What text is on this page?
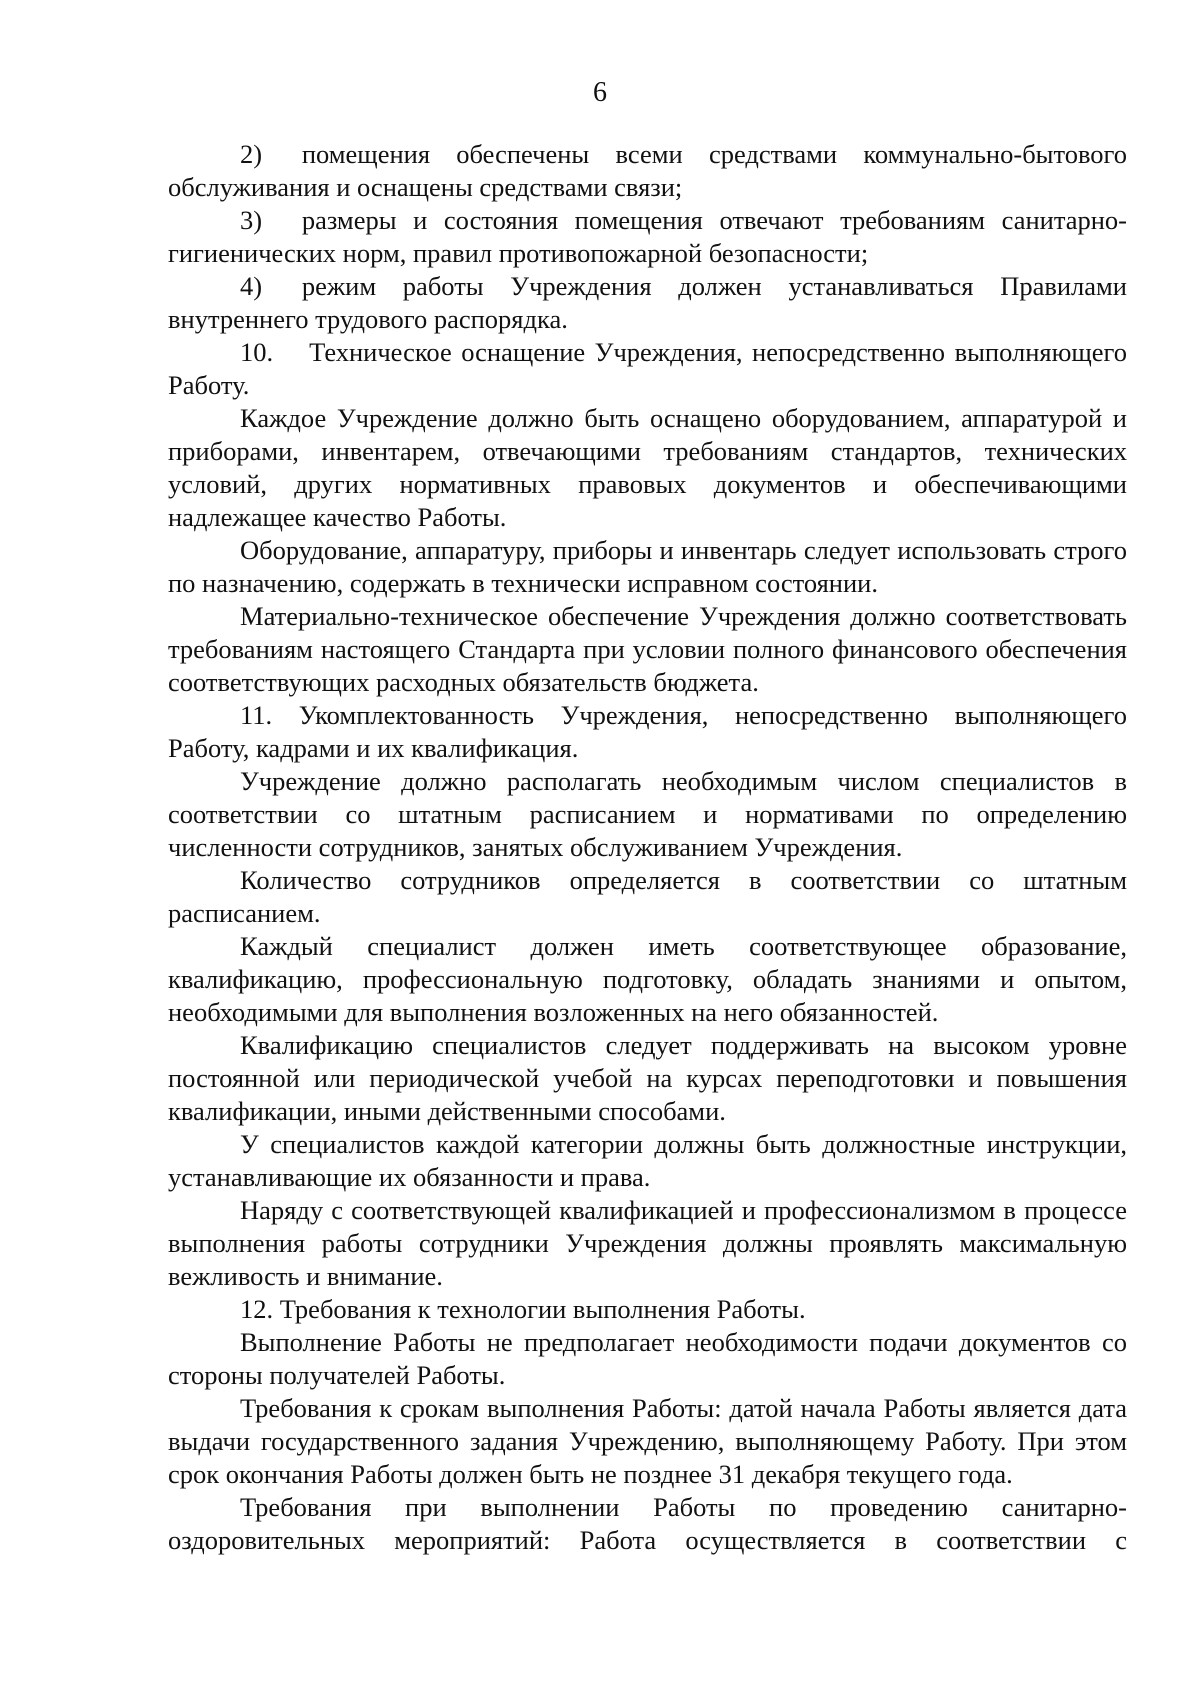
6

2)  помещения обеспечены всеми средствами коммунально-бытового обслуживания и оснащены средствами связи;

3)  размеры и состояния помещения отвечают требованиям санитарно-гигиенических норм, правил противопожарной безопасности;

4)  режим работы Учреждения должен устанавливаться Правилами внутреннего трудового распорядка.

10.  Техническое оснащение Учреждения, непосредственно выполняющего Работу.

Каждое Учреждение должно быть оснащено оборудованием, аппаратурой и приборами, инвентарем, отвечающими требованиям стандартов, технических условий, других нормативных правовых документов и обеспечивающими надлежащее качество Работы.

Оборудование, аппаратуру, приборы и инвентарь следует использовать строго по назначению, содержать в технически исправном состоянии.

Материально-техническое обеспечение Учреждения должно соответствовать требованиям настоящего Стандарта при условии полного финансового обеспечения соответствующих расходных обязательств бюджета.

11. Укомплектованность Учреждения, непосредственно выполняющего Работу, кадрами и их квалификация.

Учреждение должно располагать необходимым числом специалистов в соответствии со штатным расписанием и нормативами по определению численности сотрудников, занятых обслуживанием Учреждения.

Количество сотрудников определяется в соответствии со штатным расписанием.

Каждый специалист должен иметь соответствующее образование, квалификацию, профессиональную подготовку, обладать знаниями и опытом, необходимыми для выполнения возложенных на него обязанностей.

Квалификацию специалистов следует поддерживать на высоком уровне постоянной или периодической учебой на курсах переподготовки и повышения квалификации, иными действенными способами.

У специалистов каждой категории должны быть должностные инструкции, устанавливающие их обязанности и права.

Наряду с соответствующей квалификацией и профессионализмом в процессе выполнения работы сотрудники Учреждения должны проявлять максимальную вежливость и внимание.

12. Требования к технологии выполнения Работы.

Выполнение Работы не предполагает необходимости подачи документов со стороны получателей Работы.

Требования к срокам выполнения Работы: датой начала Работы является дата выдачи государственного задания Учреждению, выполняющему Работу. При этом срок окончания Работы должен быть не позднее 31 декабря текущего года.

Требования при выполнении Работы по проведению санитарно-оздоровительных мероприятий: Работа осуществляется в соответствии с
